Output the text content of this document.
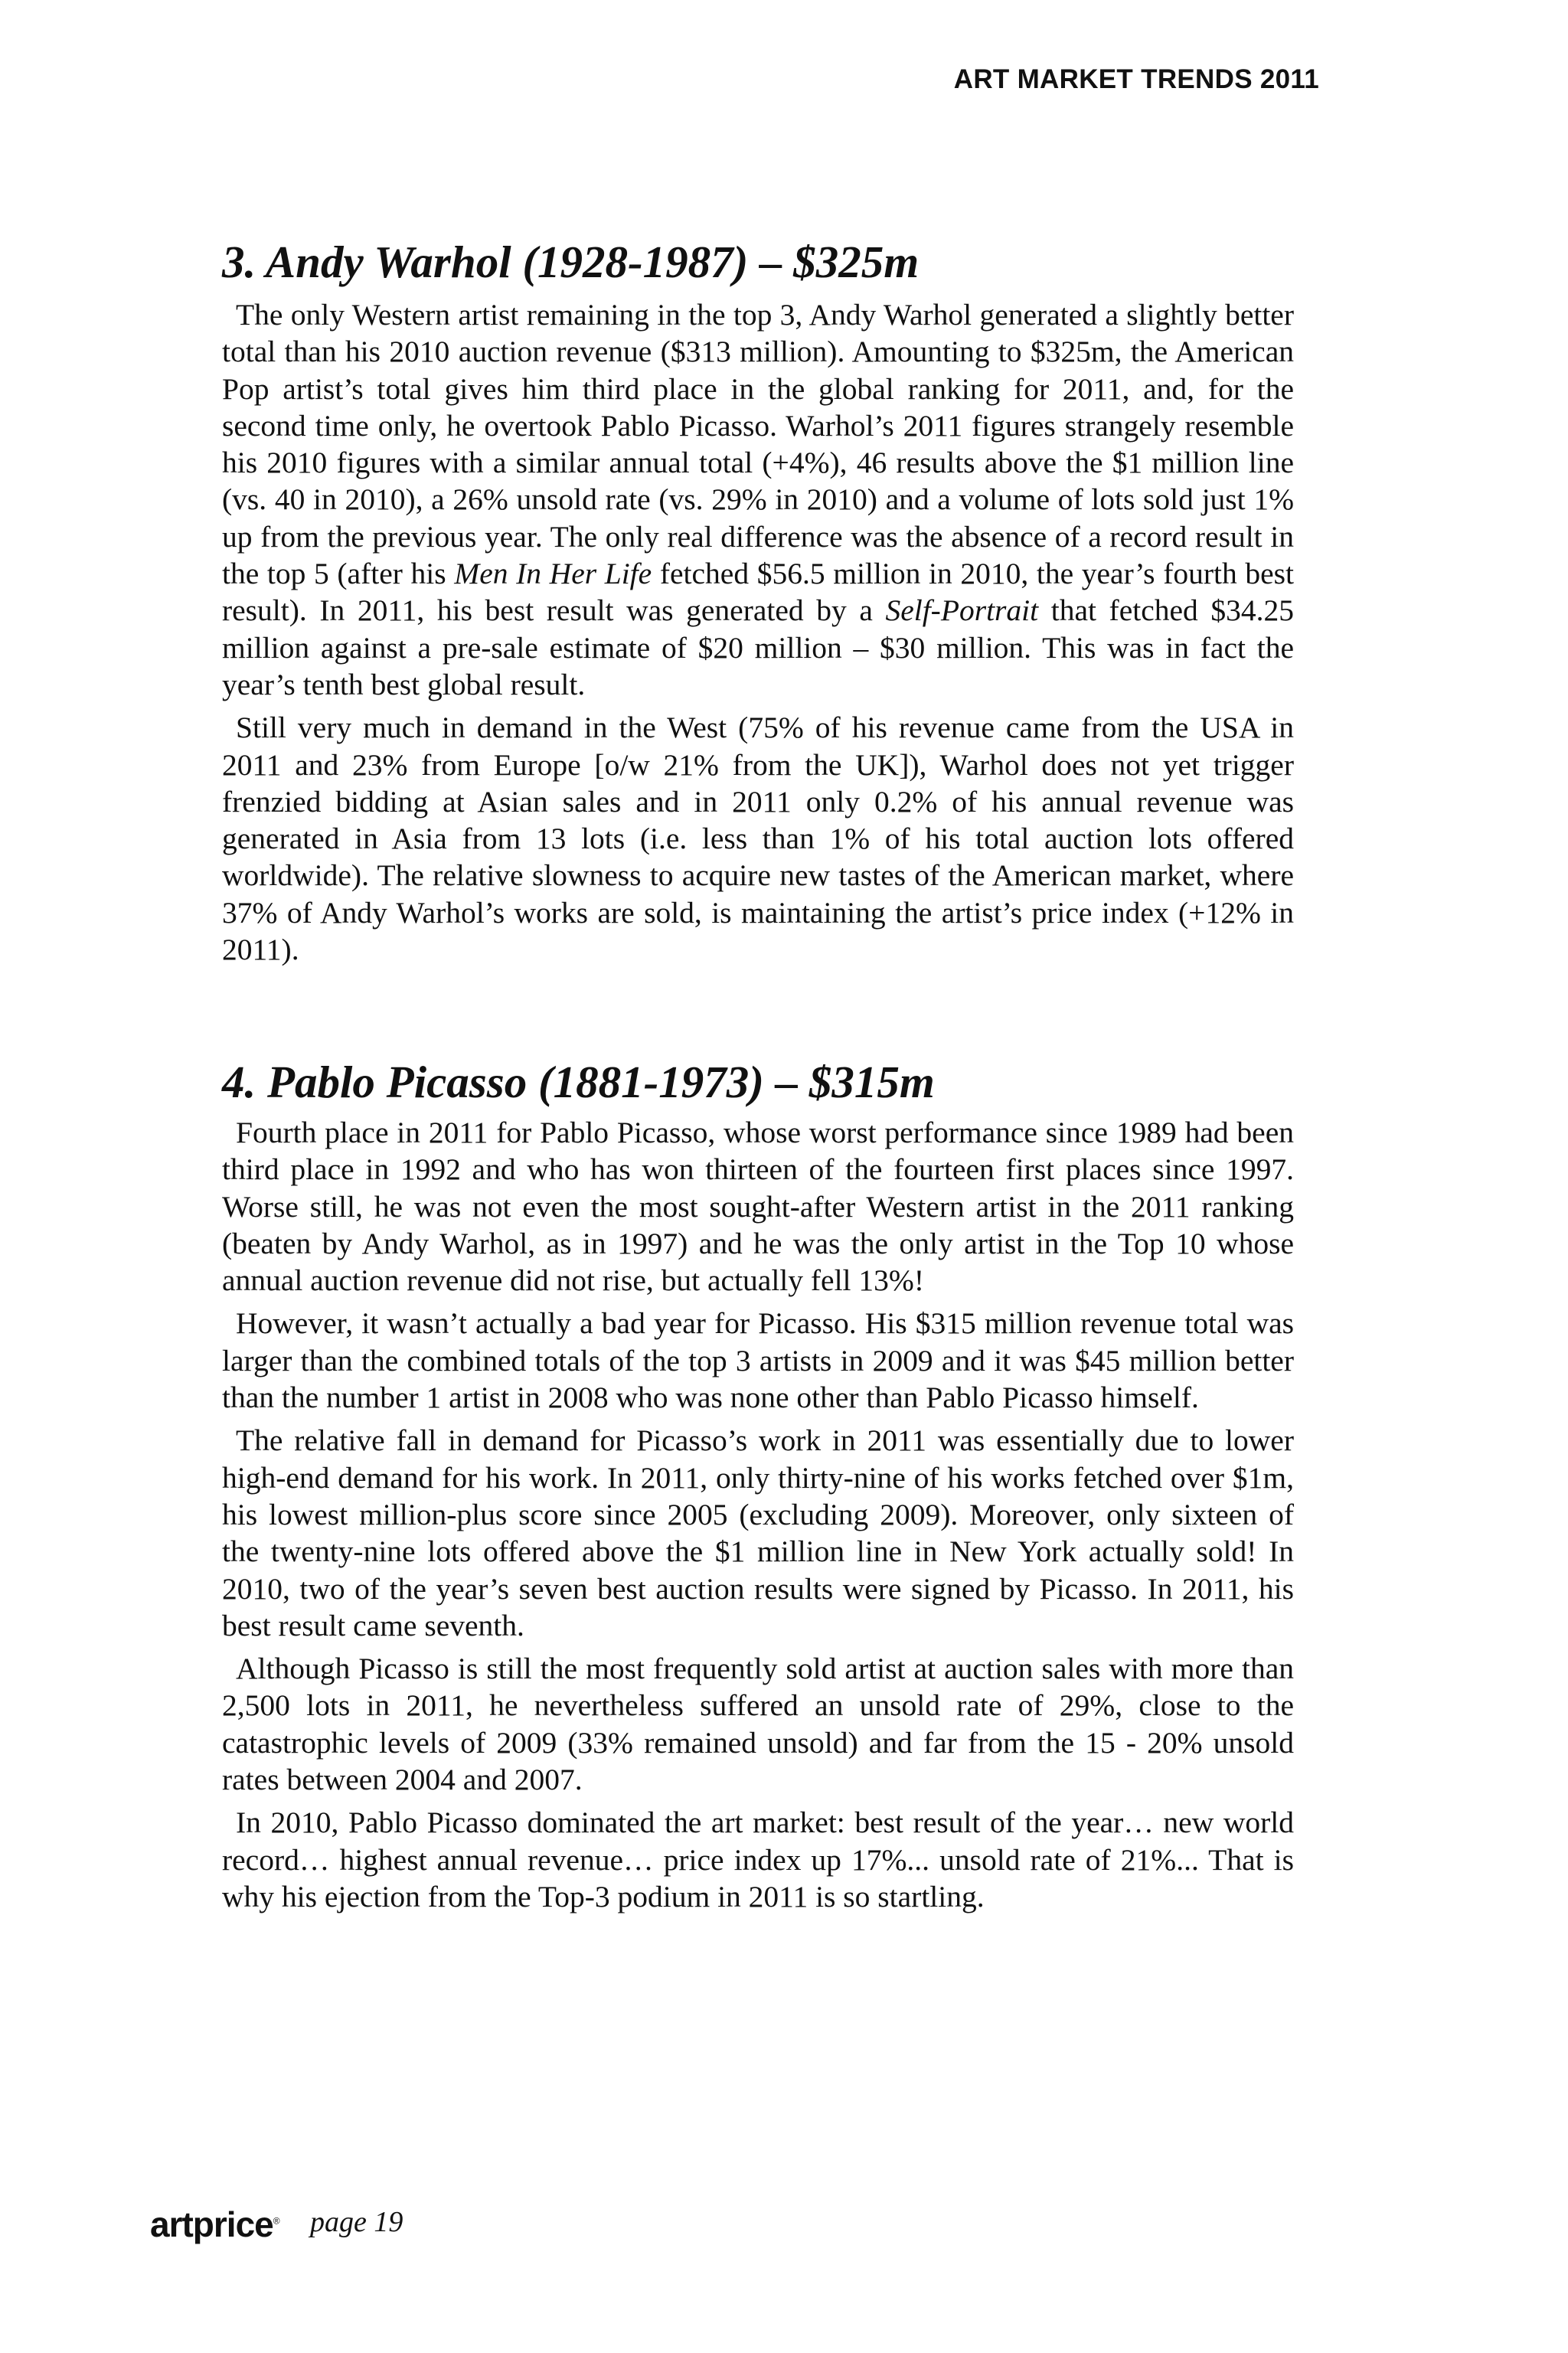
ART MARKET TRENDS 2011
3. Andy Warhol (1928-1987) – $325m

The only Western artist remaining in the top 3, Andy Warhol generated a slightly better total than his 2010 auction revenue ($313 million). Amounting to $325m, the American Pop artist’s total gives him third place in the global ranking for 2011, and, for the second time only, he overtook Pablo Picasso. Warhol’s 2011 figures strangely resemble his 2010 figures with a similar annual total (+4%), 46 results above the $1 million line (vs. 40 in 2010), a 26% unsold rate (vs. 29% in 2010) and a volume of lots sold just 1% up from the previous year. The only real difference was the absence of a record result in the top 5 (after his Men In Her Life fetched $56.5 million in 2010, the year’s fourth best result). In 2011, his best result was generated by a Self-Portrait that fetched $34.25 million against a pre-sale estimate of $20 million – $30 million. This was in fact the year’s tenth best global result.

Still very much in demand in the West (75% of his revenue came from the USA in 2011 and 23% from Europe [o/w 21% from the UK]), Warhol does not yet trigger frenzied bidding at Asian sales and in 2011 only 0.2% of his annual revenue was generated in Asia from 13 lots (i.e. less than 1% of his total auction lots offered worldwide). The relative slowness to acquire new tastes of the American market, where 37% of Andy Warhol’s works are sold, is maintaining the artist’s price index (+12% in 2011).

4. Pablo Picasso (1881-1973) – $315m

Fourth place in 2011 for Pablo Picasso, whose worst performance since 1989 had been third place in 1992 and who has won thirteen of the fourteen first places since 1997. Worse still, he was not even the most sought-after Western artist in the 2011 ranking (beaten by Andy Warhol, as in 1997) and he was the only artist in the Top 10 whose annual auction revenue did not rise, but actually fell 13%!

However, it wasn’t actually a bad year for Picasso. His $315 million revenue total was larger than the combined totals of the top 3 artists in 2009 and it was $45 million better than the number 1 artist in 2008 who was none other than Pablo Picasso himself.

The relative fall in demand for Picasso’s work in 2011 was essentially due to lower high-end demand for his work. In 2011, only thirty-nine of his works fetched over $1m, his lowest million-plus score since 2005 (excluding 2009). Moreover, only sixteen of the twenty-nine lots offered above the $1 million line in New York actually sold! In 2010, two of the year’s seven best auction results were signed by Picasso. In 2011, his best result came seventh.

Although Picasso is still the most frequently sold artist at auction sales with more than 2,500 lots in 2011, he nevertheless suffered an unsold rate of 29%, close to the catastrophic levels of 2009 (33% remained unsold) and far from the 15 - 20% unsold rates between 2004 and 2007.

In 2010, Pablo Picasso dominated the art market: best result of the year… new world record… highest annual revenue… price index up 17%... unsold rate of 21%... That is why his ejection from the Top-3 podium in 2011 is so startling.

artprice® page 19
